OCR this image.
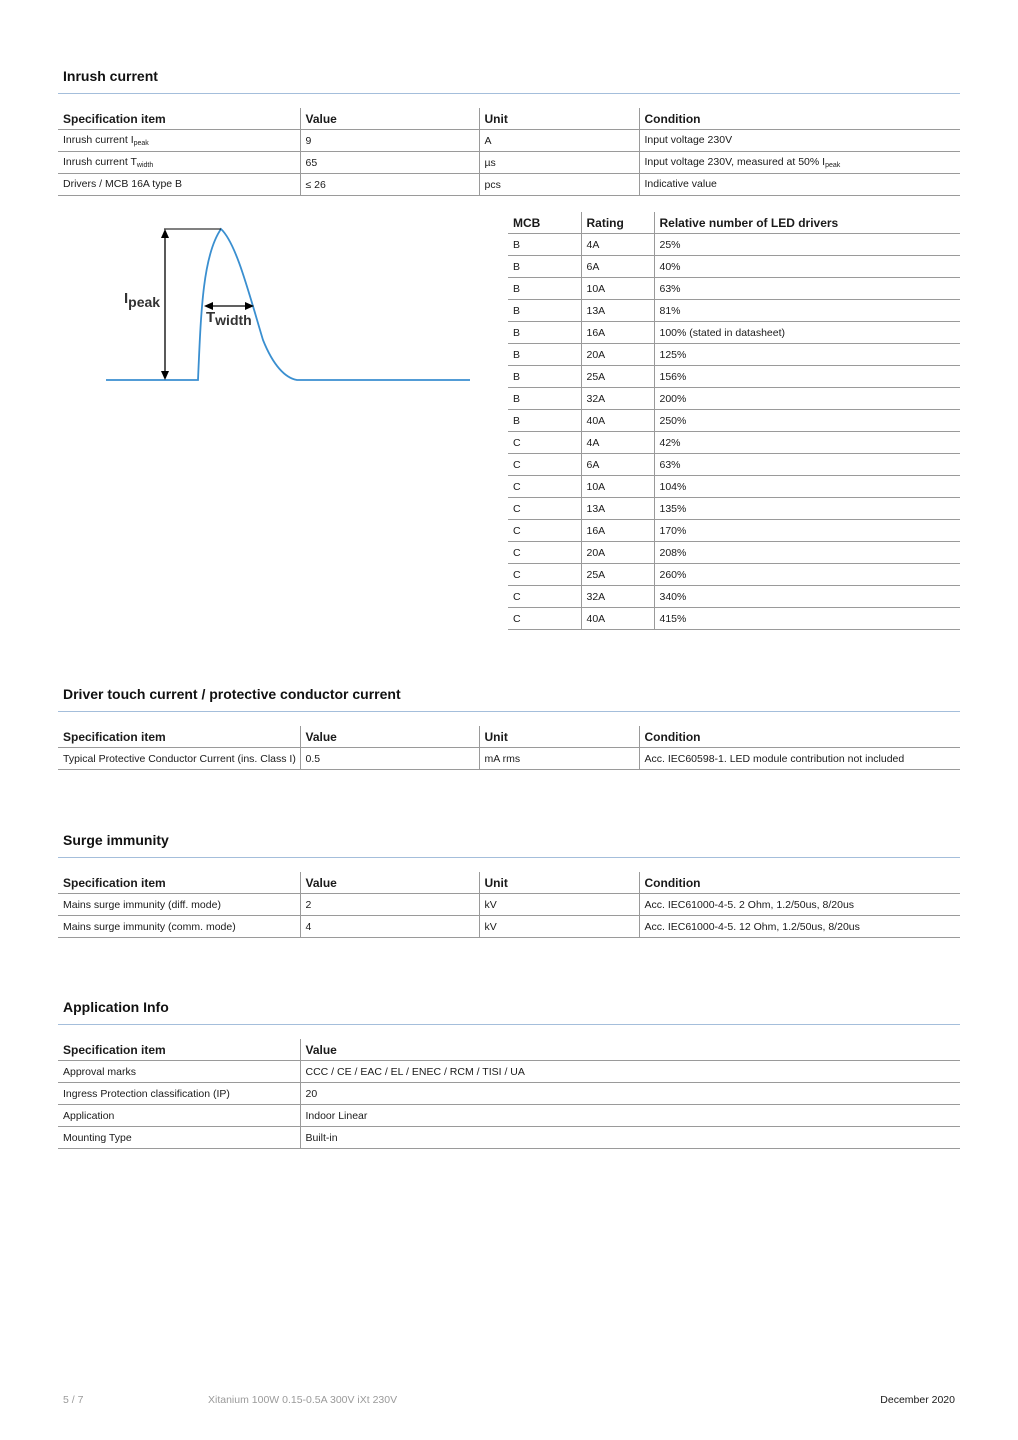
Inrush current
Specification item	Value	Unit	Condition
Inrush current $I_{peak}$	9	A	Input voltage 230V
Inrush current $T_{width}$	65	µs	Input voltage 230V, measured at 50% $I_{peak}$
Drivers / MCB 16A type B	≤ 26	pcs	Indicative value
Ipeak
Twidth
MCB	Rating	Relative number of LED drivers
B	4A	25%
B	6A	40%
B	10A	63%
B	13A	81%
B	16A	100% (stated in datasheet)
B	20A	125%
B	25A	156%
B	32A	200%
B	40A	250%
C	4A	42%
C	6A	63%
C	10A	104%
C	13A	135%
C	16A	170%
C	20A	208%
C	25A	260%
C	32A	340%
C	40A	415%
Driver touch current / protective conductor current
Specification item	Value	Unit	Condition
Typical Protective Conductor Current (ins. Class I)	0.5	mA rms	Acc. IEC60598-1. LED module contribution not included
Surge immunity
Specification item	Value	Unit	Condition
Mains surge immunity (diff. mode)	2	kV	Acc. IEC61000-4-5. 2 Ohm, 1.2/50us, 8/20us
Mains surge immunity (comm. mode)	4	kV	Acc. IEC61000-4-5. 12 Ohm, 1.2/50us, 8/20us
Application Info
Specification item	Value
Approval marks	CCC / CE / EAC / EL / ENEC / RCM / TISI / UA
Ingress Protection classification (IP)	20
Application	Indoor Linear
Mounting Type	Built-in
5 / 7	Xitanium 100W 0.15-0.5A 300V iXt 230V	December 2020
